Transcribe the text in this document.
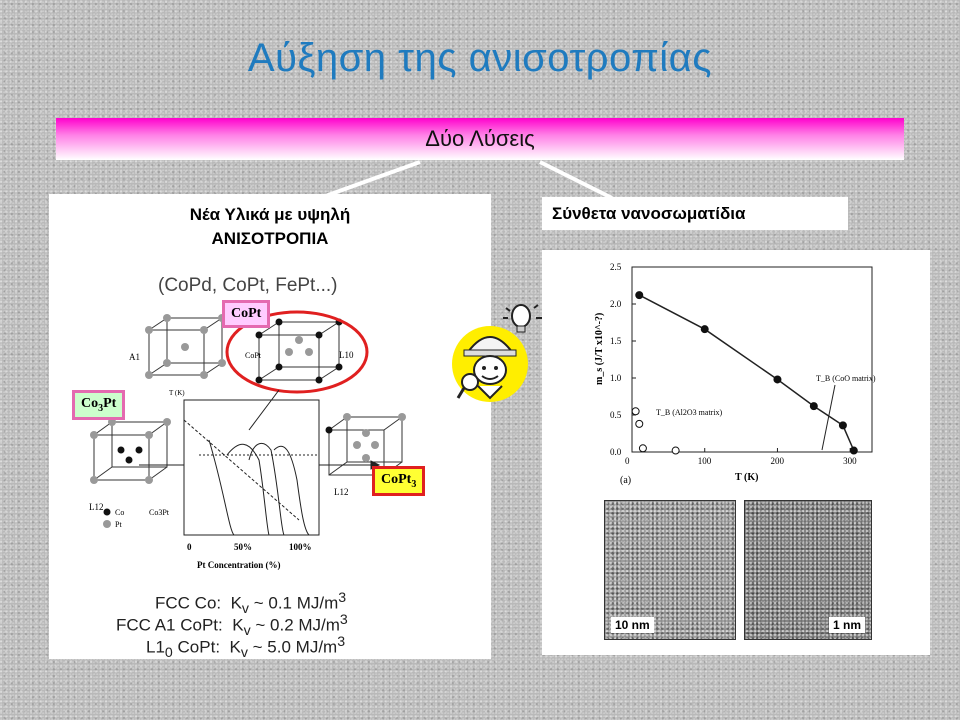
Αύξηση της ανισοτροπίας
Δύο Λύσεις
Νέα Υλικά με υψηλή
ΑΝΙΣΟΤΡΟΠΙΑ
(CoPd, CoPt, FePt...)
A1	CoPt	L10
L12
Co3Pt
L12
Co
Pt
T (K)
0	50%	100%
Pt Concentration (%)
CoPt
$Co_3Pt$
CoPt$_3$
FCC Co: $K_v$ ~ 0.1 $MJ/m^3$
FCC A1 CoPt: $K_v$ ~ 0.2 $MJ/m^3$
$L1_0$ CoPt: $K_v$ ~ 5.0 $MJ/m^3$
Σύνθετα νανοσωματίδια
0.0
0.5
1.0
1.5
2.0
2.5
0	100	200	300
m_s (J/T x10^-?)
T (K)
(a)
T_B (CoO matrix)
T_B (Al2O3 matrix)
10 nm	1 nm
